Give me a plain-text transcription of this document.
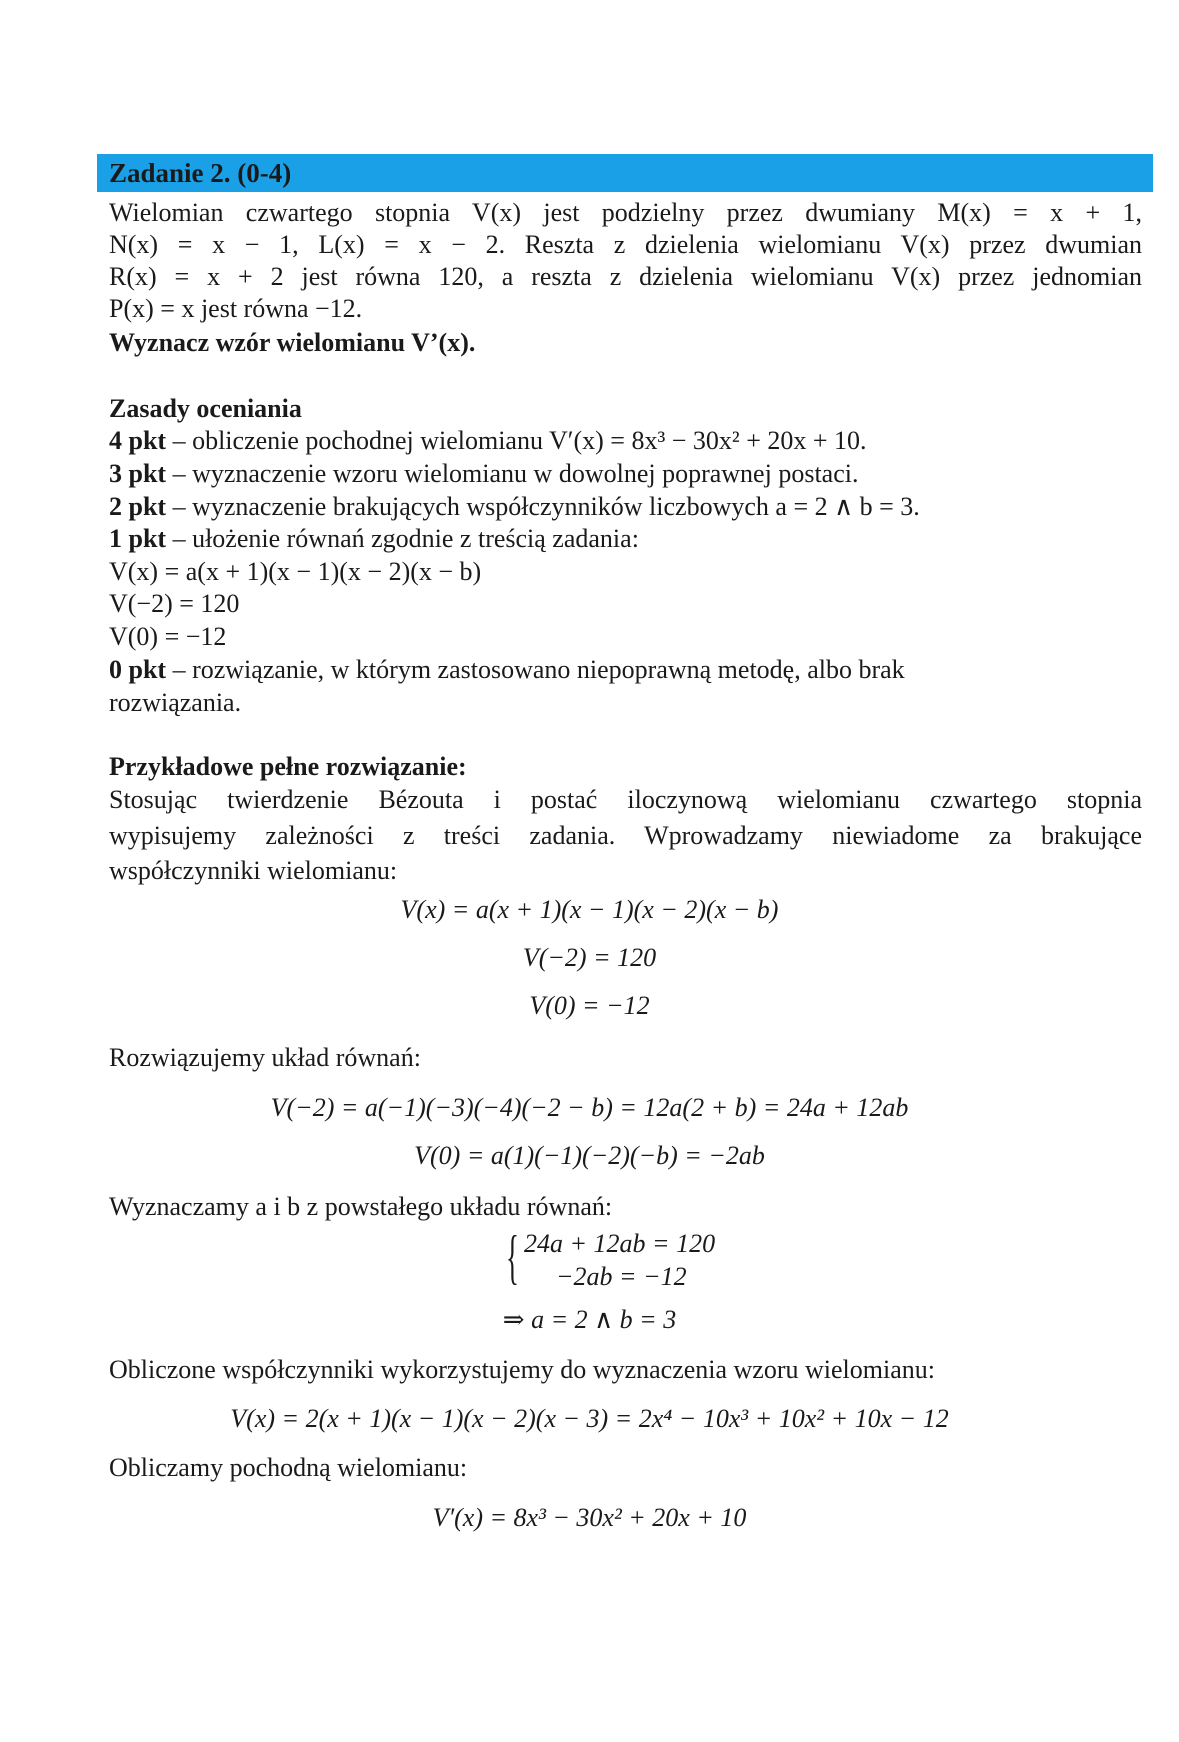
Zadanie 2. (0-4)
Wielomian czwartego stopnia V(x) jest podzielny przez dwumiany M(x) = x + 1,
N(x) = x − 1, L(x) = x − 2. Reszta z dzielenia wielomianu V(x) przez dwumian
R(x) = x + 2 jest równa 120, a reszta z dzielenia wielomianu V(x) przez jednomian
P(x) = x jest równa −12.
Wyznacz wzór wielomianu V’(x).
Zasady oceniania
4 pkt – obliczenie pochodnej wielomianu V′(x) = 8x³ − 30x² + 20x + 10.
3 pkt – wyznaczenie wzoru wielomianu w dowolnej poprawnej postaci.
2 pkt – wyznaczenie brakujących współczynników liczbowych a = 2 ∧ b = 3.
1 pkt – ułożenie równań zgodnie z treścią zadania:
V(x) = a(x + 1)(x − 1)(x − 2)(x − b)
V(−2) = 120
V(0) = −12
0 pkt – rozwiązanie, w którym zastosowano niepoprawną metodę, albo brak
rozwiązania.
Przykładowe pełne rozwiązanie:
Stosując twierdzenie Bézouta i postać iloczynową wielomianu czwartego stopnia
wypisujemy zależności z treści zadania. Wprowadzamy niewiadome za brakujące
współczynniki wielomianu:
V(x) = a(x + 1)(x − 1)(x − 2)(x − b)
V(−2) = 120
V(0) = −12
Rozwiązujemy układ równań:
V(−2) = a(−1)(−3)(−4)(−2 − b) = 12a(2 + b) = 24a + 12ab
V(0) = a(1)(−1)(−2)(−b) = −2ab
Wyznaczamy a i b z powstałego układu równań:
{ 24a + 12ab = 120
−2ab = −12
⇒ a = 2 ∧ b = 3
Obliczone współczynniki wykorzystujemy do wyznaczenia wzoru wielomianu:
V(x) = 2(x + 1)(x − 1)(x − 2)(x − 3) = 2x⁴ − 10x³ + 10x² + 10x − 12
Obliczamy pochodną wielomianu:
V′(x) = 8x³ − 30x² + 20x + 10
